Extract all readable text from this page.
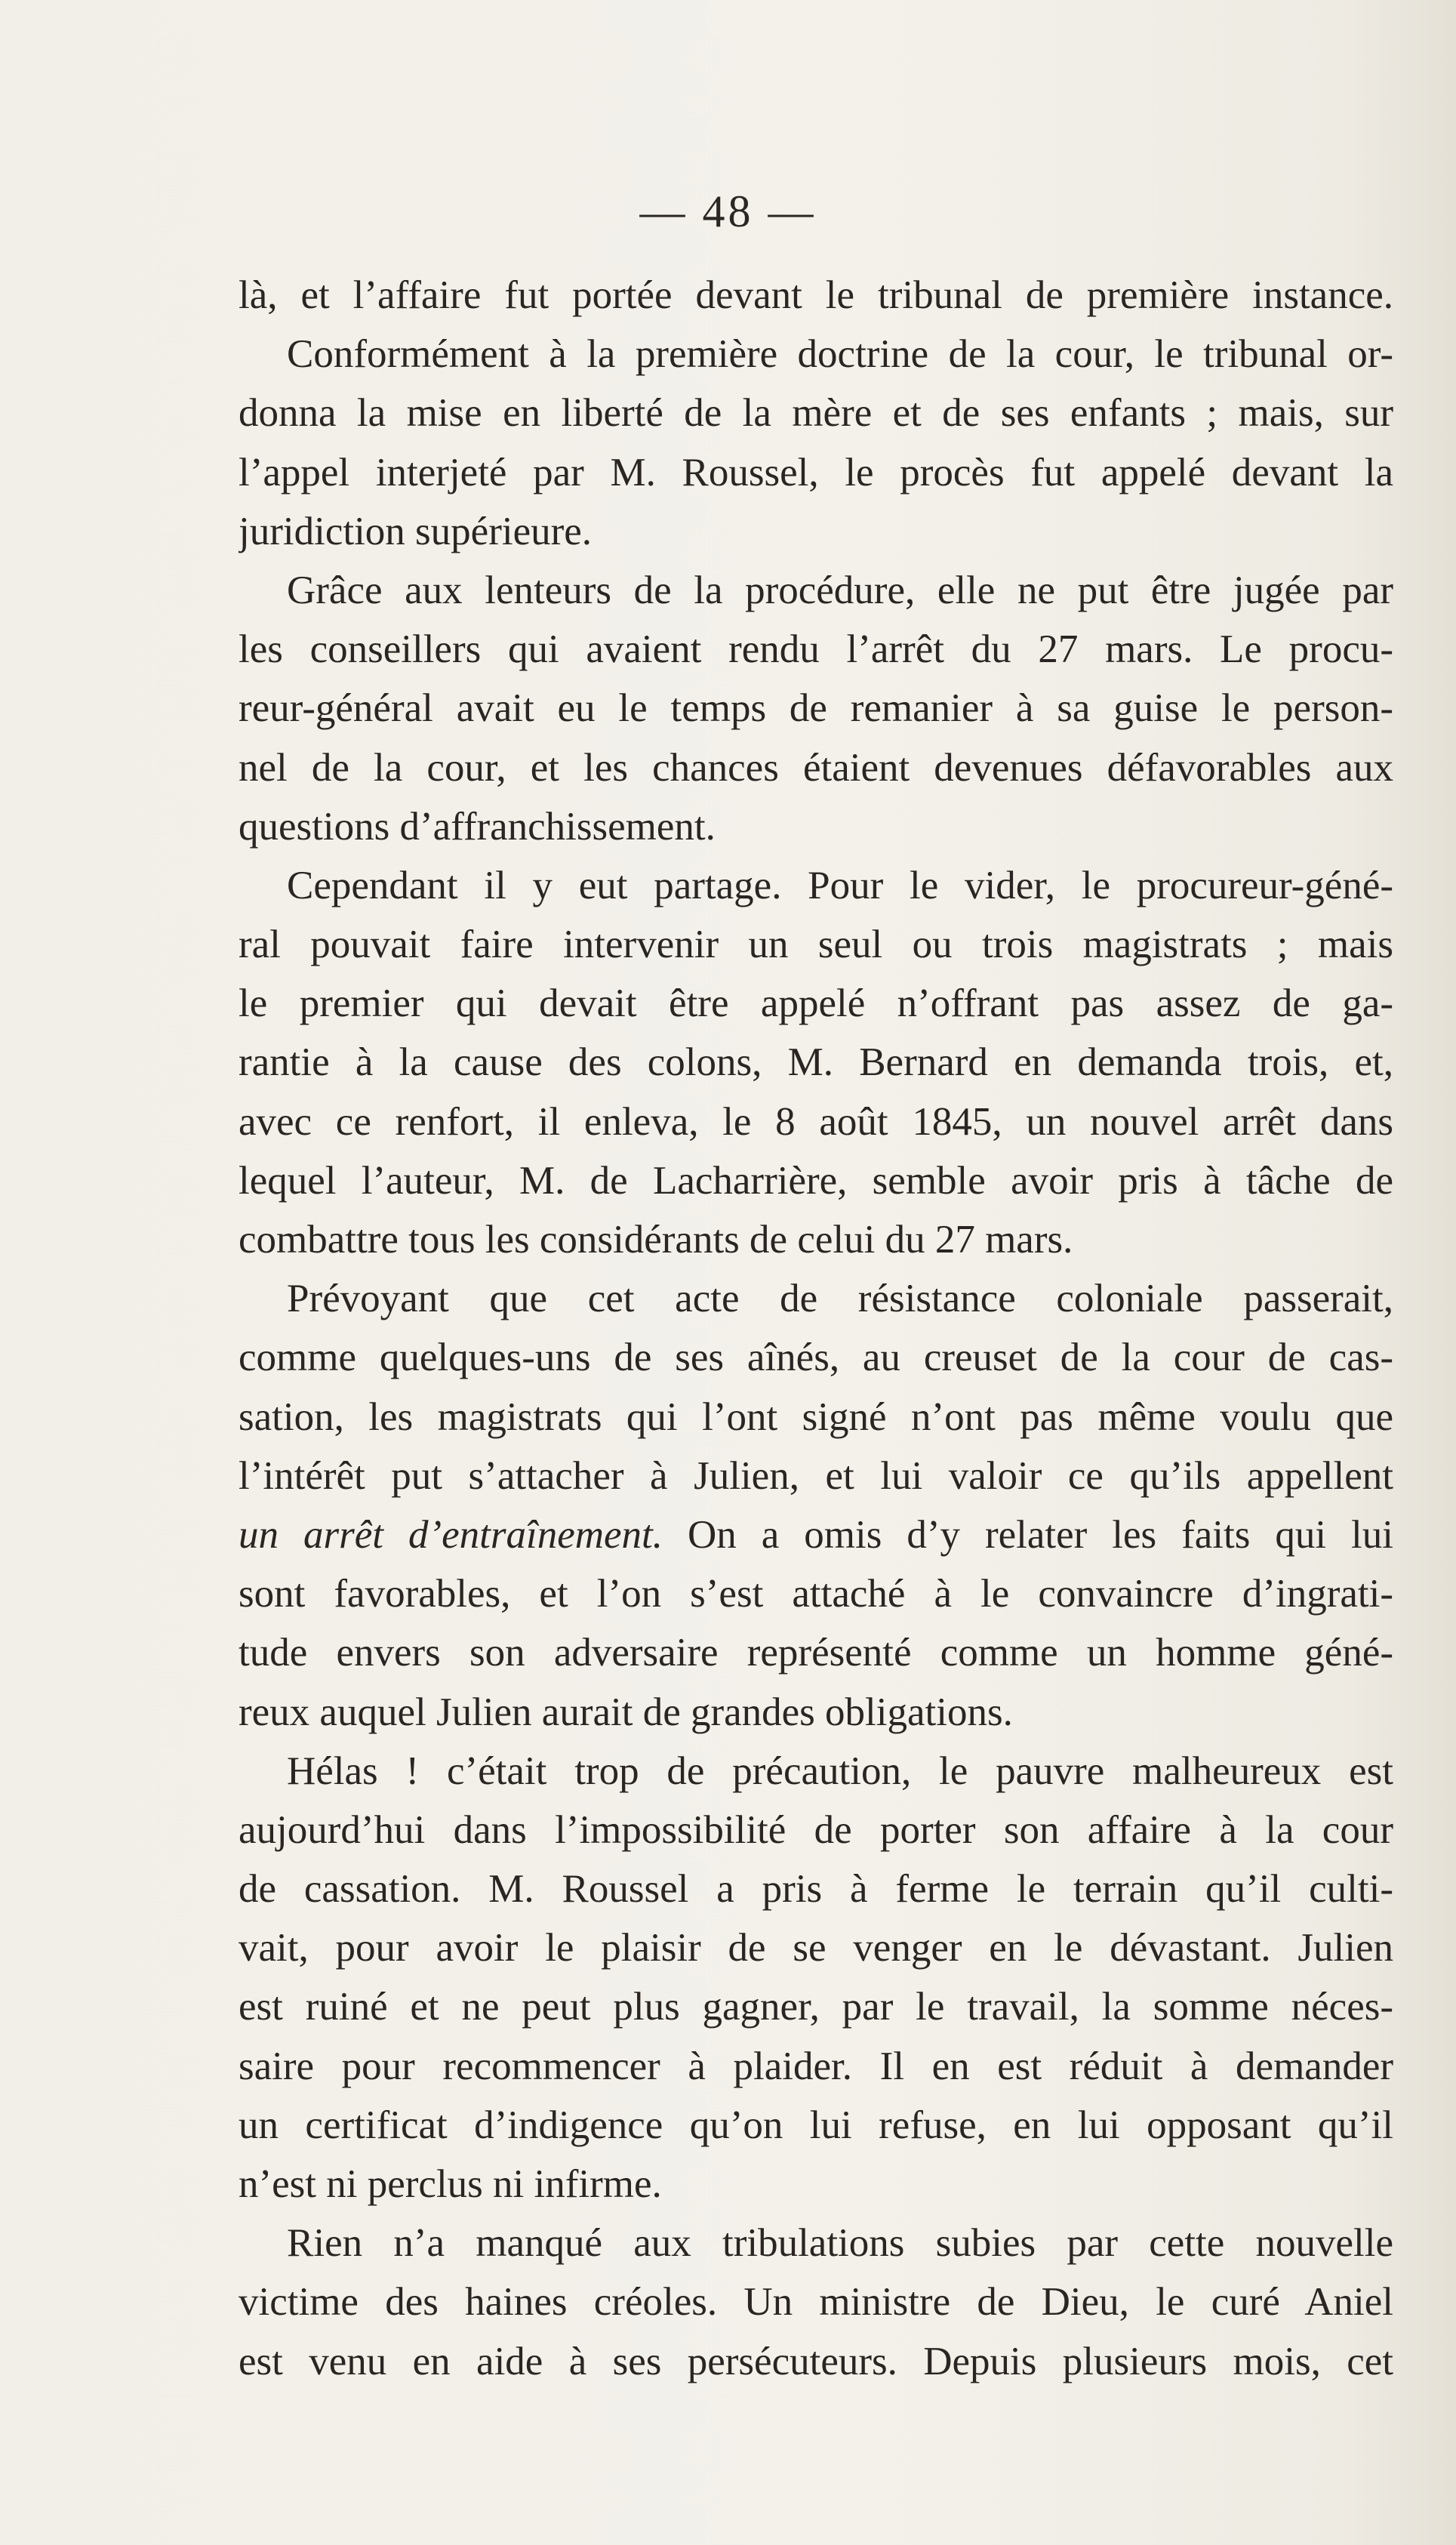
— 48 —
là, et l’affaire fut portée devant le tribunal de première instance.
Conformément à la première doctrine de la cour, le tribunal or-
donna la mise en liberté de la mère et de ses enfants ; mais, sur
l’appel interjeté par M. Roussel, le procès fut appelé devant la
juridiction supérieure.
Grâce aux lenteurs de la procédure, elle ne put être jugée par
les conseillers qui avaient rendu l’arrêt du 27 mars. Le procu-
reur-général avait eu le temps de remanier à sa guise le person-
nel de la cour, et les chances étaient devenues défavorables aux
questions d’affranchissement.
Cependant il y eut partage. Pour le vider, le procureur-géné-
ral pouvait faire intervenir un seul ou trois magistrats ; mais
le premier qui devait être appelé n’offrant pas assez de ga-
rantie à la cause des colons, M. Bernard en demanda trois, et,
avec ce renfort, il enleva, le 8 août 1845, un nouvel arrêt dans
lequel l’auteur, M. de Lacharrière, semble avoir pris à tâche de
combattre tous les considérants de celui du 27 mars.
Prévoyant que cet acte de résistance coloniale passerait,
comme quelques-uns de ses aînés, au creuset de la cour de cas-
sation, les magistrats qui l’ont signé n’ont pas même voulu que
l’intérêt put s’attacher à Julien, et lui valoir ce qu’ils appellent
un arrêt d’entraînement. On a omis d’y relater les faits qui lui
sont favorables, et l’on s’est attaché à le convaincre d’ingrati-
tude envers son adversaire représenté comme un homme géné-
reux auquel Julien aurait de grandes obligations.
Hélas ! c’était trop de précaution, le pauvre malheureux est
aujourd’hui dans l’impossibilité de porter son affaire à la cour
de cassation. M. Roussel a pris à ferme le terrain qu’il culti-
vait, pour avoir le plaisir de se venger en le dévastant. Julien
est ruiné et ne peut plus gagner, par le travail, la somme néces-
saire pour recommencer à plaider. Il en est réduit à demander
un certificat d’indigence qu’on lui refuse, en lui opposant qu’il
n’est ni perclus ni infirme.
Rien n’a manqué aux tribulations subies par cette nouvelle
victime des haines créoles. Un ministre de Dieu, le curé Aniel
est venu en aide à ses persécuteurs. Depuis plusieurs mois, cet
